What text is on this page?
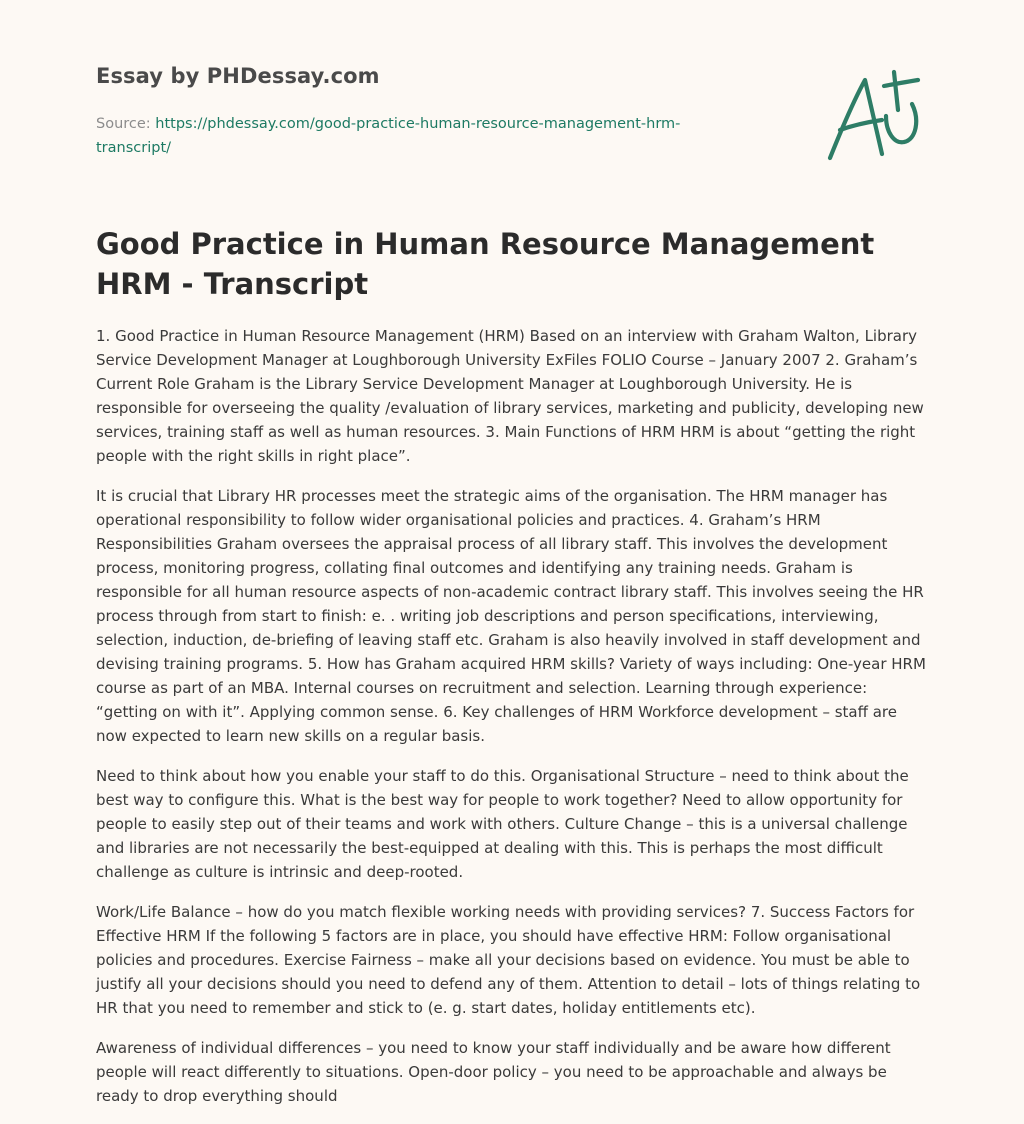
Essay by PHDessay.com
Source: https://phdessay.com/good-practice-human-resource-management-hrm-transcript/
Good Practice in Human Resource Management HRM - Transcript

1. Good Practice in Human Resource Management (HRM) Based on an interview with Graham Walton, Library Service Development Manager at Loughborough University ExFiles FOLIO Course – January 2007 2. Graham’s Current Role Graham is the Library Service Development Manager at Loughborough University. He is responsible for overseeing the quality /evaluation of library services, marketing and publicity, developing new services, training staff as well as human resources. 3. Main Functions of HRM HRM is about “getting the right people with the right skills in right place”.

It is crucial that Library HR processes meet the strategic aims of the organisation. The HRM manager has operational responsibility to follow wider organisational policies and practices. 4. Graham’s HRM Responsibilities Graham oversees the appraisal process of all library staff. This involves the development process, monitoring progress, collating final outcomes and identifying any training needs. Graham is responsible for all human resource aspects of non-academic contract library staff. This involves seeing the HR process through from start to finish: e. . writing job descriptions and person specifications, interviewing, selection, induction, de-briefing of leaving staff etc. Graham is also heavily involved in staff development and devising training programs. 5. How has Graham acquired HRM skills? Variety of ways including: One-year HRM course as part of an MBA. Internal courses on recruitment and selection. Learning through experience: “getting on with it”. Applying common sense. 6. Key challenges of HRM Workforce development – staff are now expected to learn new skills on a regular basis.

Need to think about how you enable your staff to do this. Organisational Structure – need to think about the best way to configure this. What is the best way for people to work together? Need to allow opportunity for people to easily step out of their teams and work with others. Culture Change – this is a universal challenge and libraries are not necessarily the best-equipped at dealing with this. This is perhaps the most difficult challenge as culture is intrinsic and deep-rooted.

Work/Life Balance – how do you match flexible working needs with providing services? 7. Success Factors for Effective HRM If the following 5 factors are in place, you should have effective HRM: Follow organisational policies and procedures. Exercise Fairness – make all your decisions based on evidence. You must be able to justify all your decisions should you need to defend any of them. Attention to detail – lots of things relating to HR that you need to remember and stick to (e. g. start dates, holiday entitlements etc).

Awareness of individual differences – you need to know your staff individually and be aware how different people will react differently to situations. Open-door policy – you need to be approachable and always be ready to drop everything should
